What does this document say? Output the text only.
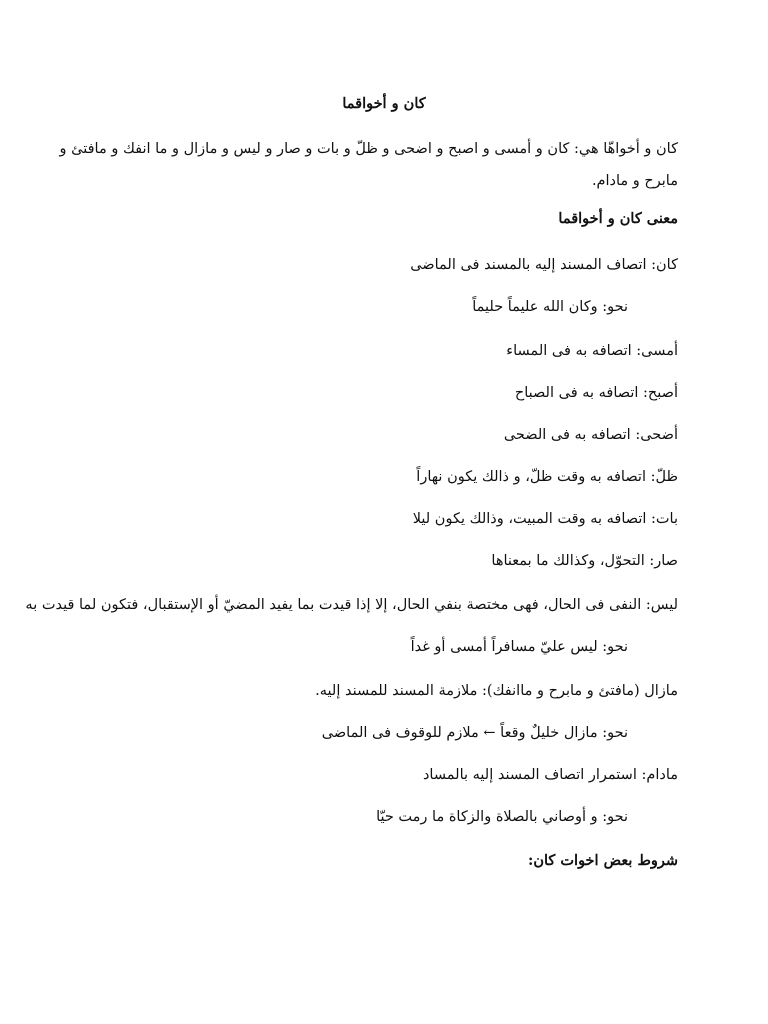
كان و أخواقما
كان و أخواهّا هي: كان و أمسى و اصبح و اضحى و ظلّ و بات و صار و ليس و مازال و ما انفك و مافتئ و
مابرح و مادام.
معنى كان و أخواقما
كان: اتصاف المسند إليه بالمسند فى الماضى
نحو: وكان الله عليماً حليماً
أمسى: اتصافه به فى المساء
أصبح: اتصافه به فى الصباح
أضحى: اتصافه به فى الضحى
ظلّ: اتصافه به وقت ظلّ، و ذالك يكون نهاراً
بات: اتصافه به وقت المبيت، وذالك يكون ليلا
صار: التحوّل، وكذالك ما بمعناها
ليس: النفى فى الحال، فهى مختصة بنفي الحال، إلا إذا قيدت بما يفيد المضيّ أو الإستقبال، فتكون لما قيدت به
نحو: ليس عليّ مسافراً أمسى أو غداً
مازال (مافتئ و مابرح و ماانفك): ملازمة المسند للمسند إليه.
نحو: مازال خليلٌ وقعاً ← ملازم للوقوف فى الماضى
مادام: استمرار اتصاف المسند إليه بالمساد
نحو: و أوصاني بالصلاة والزكاة ما رمت حيّا
شروط بعض اخوات كان:
